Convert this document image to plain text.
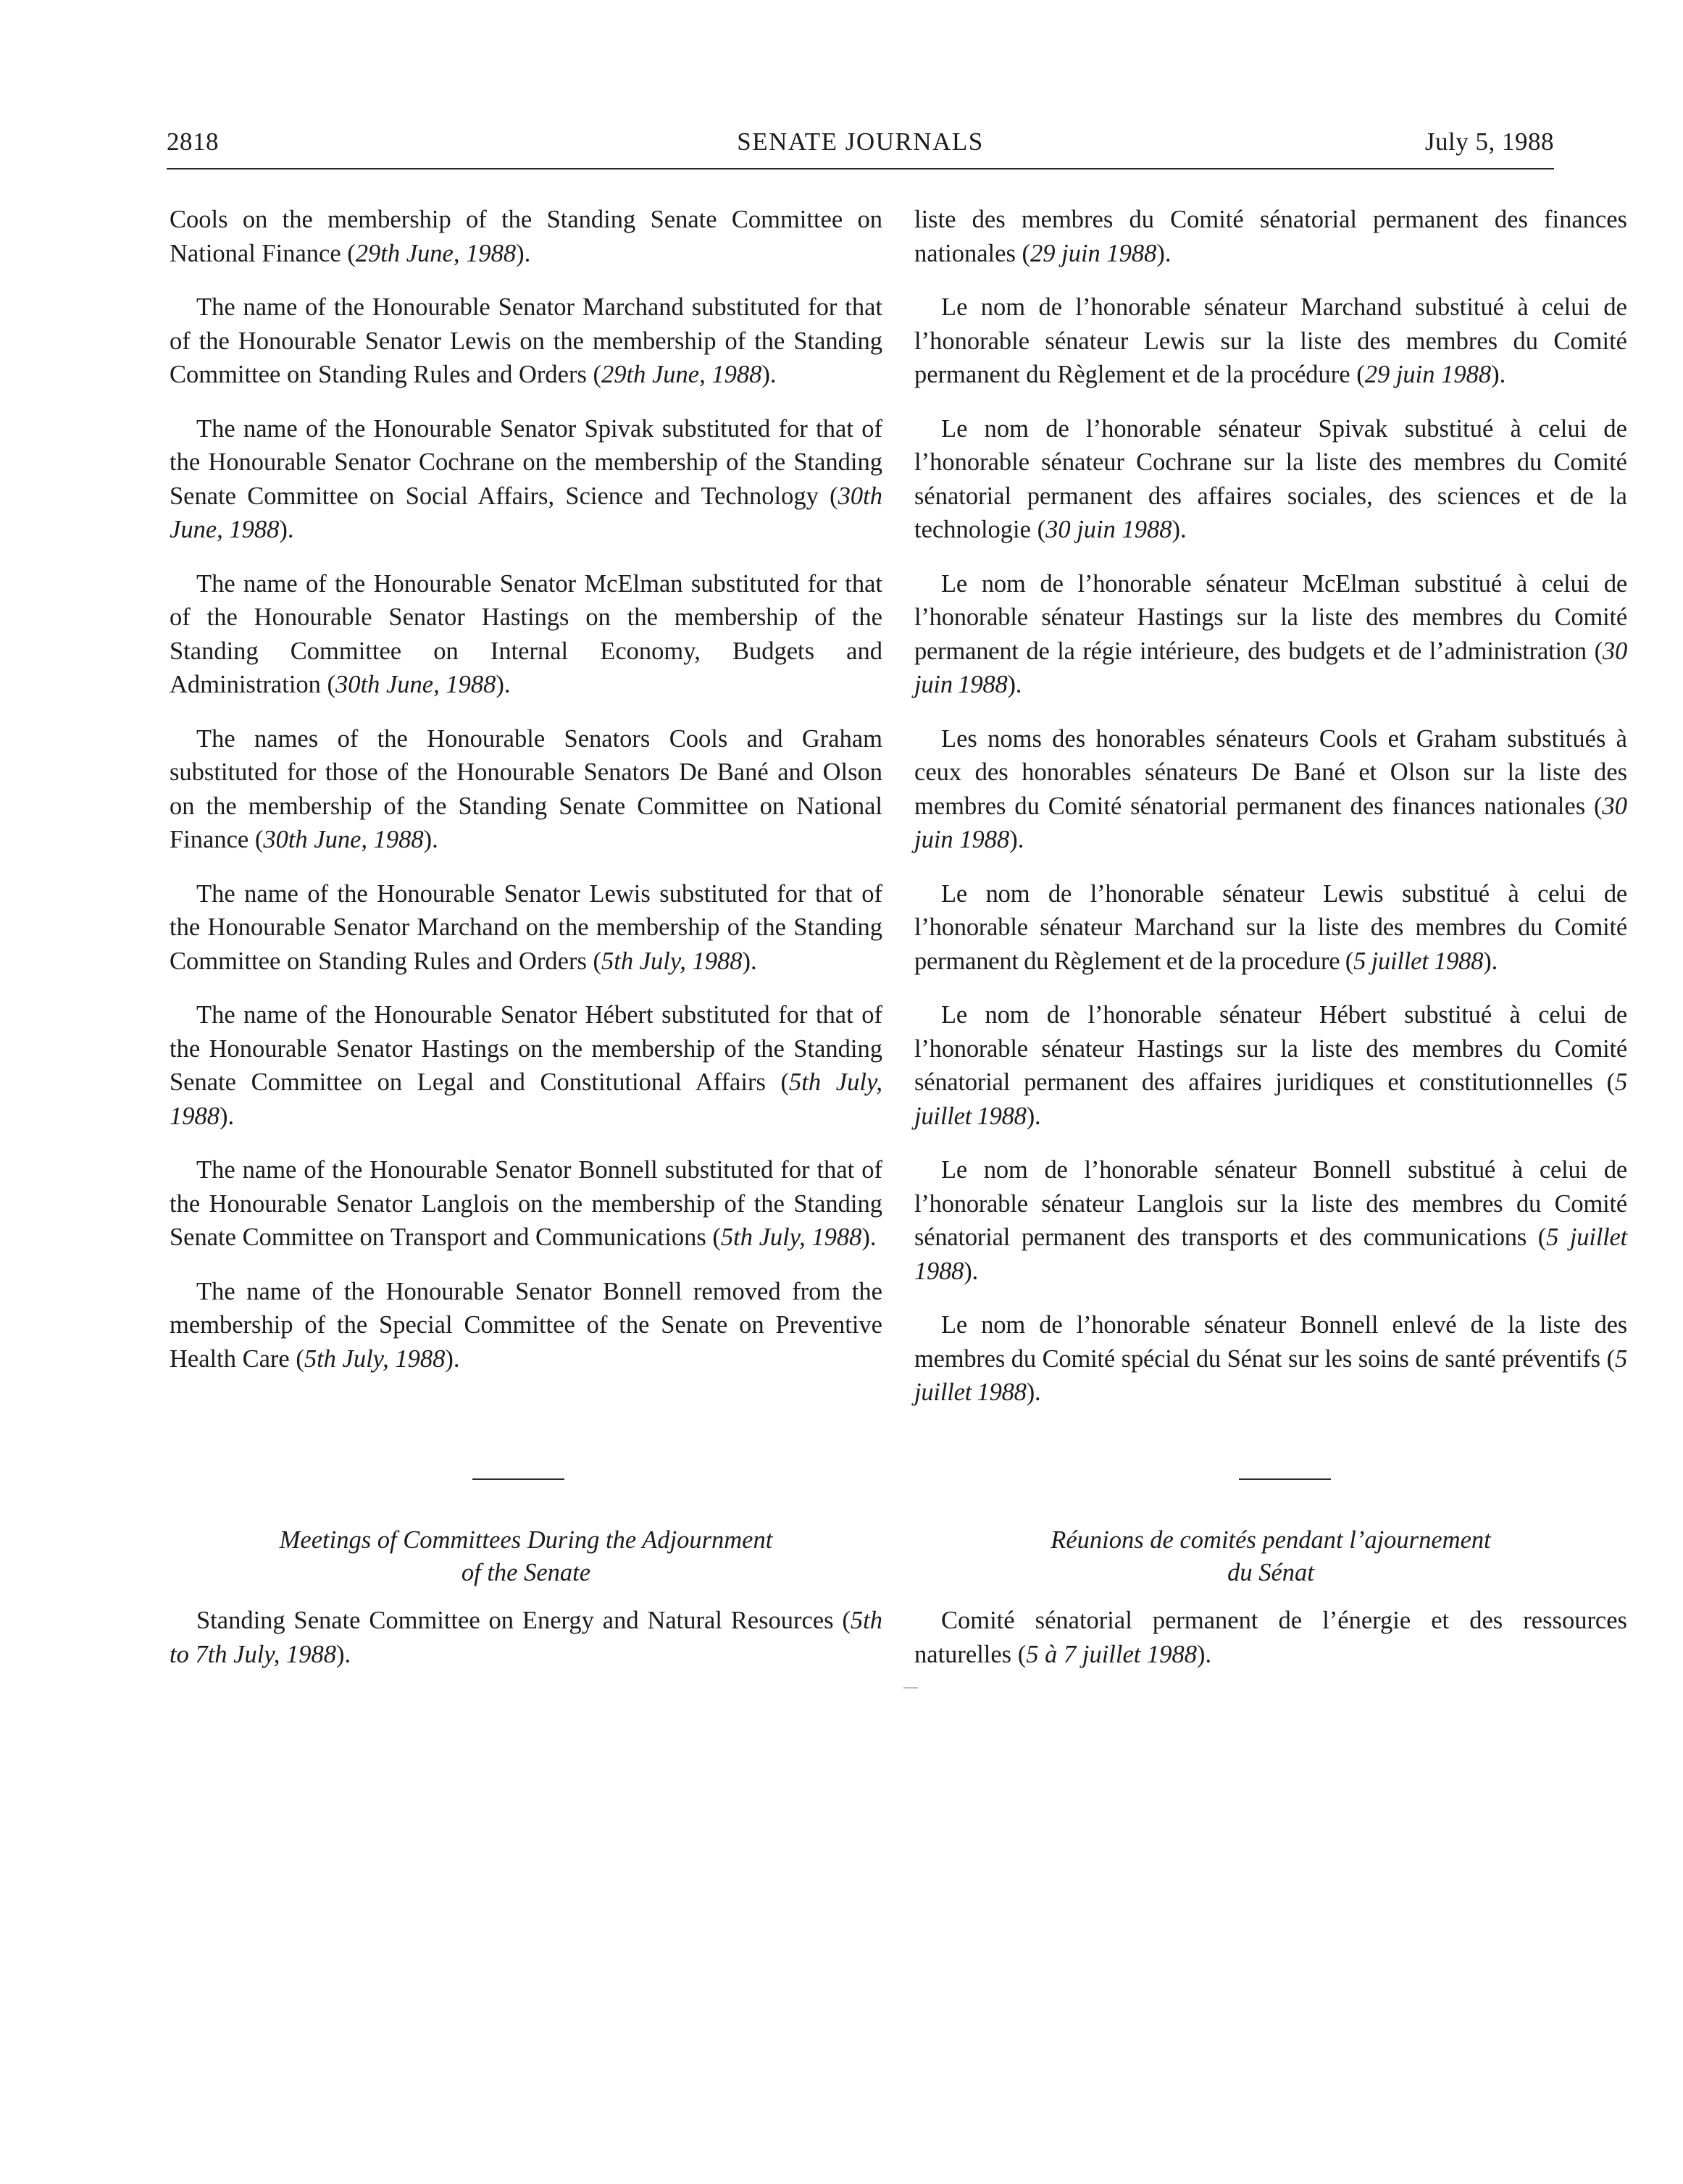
2818	SENATE JOURNALS	July 5, 1988

Cools on the membership of the Standing Senate Committee on National Finance (29th June, 1988).

The name of the Honourable Senator Marchand substituted for that of the Honourable Senator Lewis on the membership of the Standing Committee on Standing Rules and Orders (29th June, 1988).

The name of the Honourable Senator Spivak substituted for that of the Honourable Senator Cochrane on the membership of the Standing Senate Committee on Social Affairs, Science and Technology (30th June, 1988).

The name of the Honourable Senator McElman substituted for that of the Honourable Senator Hastings on the membership of the Standing Committee on Internal Economy, Budgets and Administration (30th June, 1988).

The names of the Honourable Senators Cools and Graham substituted for those of the Honourable Senators De Bané and Olson on the membership of the Standing Senate Committee on National Finance (30th June, 1988).

The name of the Honourable Senator Lewis substituted for that of the Honourable Senator Marchand on the membership of the Standing Committee on Standing Rules and Orders (5th July, 1988).

The name of the Honourable Senator Hébert substituted for that of the Honourable Senator Hastings on the membership of the Standing Senate Committee on Legal and Constitutional Affairs (5th July, 1988).

The name of the Honourable Senator Bonnell substituted for that of the Honourable Senator Langlois on the membership of the Standing Senate Committee on Transport and Communications (5th July, 1988).

The name of the Honourable Senator Bonnell removed from the membership of the Special Committee of the Senate on Preventive Health Care (5th July, 1988).

liste des membres du Comité sénatorial permanent des finances nationales (29 juin 1988).

Le nom de l’honorable sénateur Marchand substitué à celui de l’honorable sénateur Lewis sur la liste des membres du Comité permanent du Règlement et de la procédure (29 juin 1988).

Le nom de l’honorable sénateur Spivak substitué à celui de l’honorable sénateur Cochrane sur la liste des membres du Comité sénatorial permanent des affaires sociales, des sciences et de la technologie (30 juin 1988).

Le nom de l’honorable sénateur McElman substitué à celui de l’honorable sénateur Hastings sur la liste des membres du Comité permanent de la régie intérieure, des budgets et de l’administration (30 juin 1988).

Les noms des honorables sénateurs Cools et Graham substitués à ceux des honorables sénateurs De Bané et Olson sur la liste des membres du Comité sénatorial permanent des finances nationales (30 juin 1988).

Le nom de l’honorable sénateur Lewis substitué à celui de l’honorable sénateur Marchand sur la liste des membres du Comité permanent du Règlement et de la procedure (5 juillet 1988).

Le nom de l’honorable sénateur Hébert substitué à celui de l’honorable sénateur Hastings sur la liste des membres du Comité sénatorial permanent des affaires juridiques et constitutionnelles (5 juillet 1988).

Le nom de l’honorable sénateur Bonnell substitué à celui de l’honorable sénateur Langlois sur la liste des membres du Comité sénatorial permanent des transports et des communications (5 juillet 1988).

Le nom de l’honorable sénateur Bonnell enlevé de la liste des membres du Comité spécial du Sénat sur les soins de santé préventifs (5 juillet 1988).

Meetings of Committees During the Adjournment
of the Senate
Réunions de comités pendant l’ajournement
du Sénat

Standing Senate Committee on Energy and Natural Resources (5th to 7th July, 1988).

Comité sénatorial permanent de l’énergie et des ressources naturelles (5 à 7 juillet 1988).
